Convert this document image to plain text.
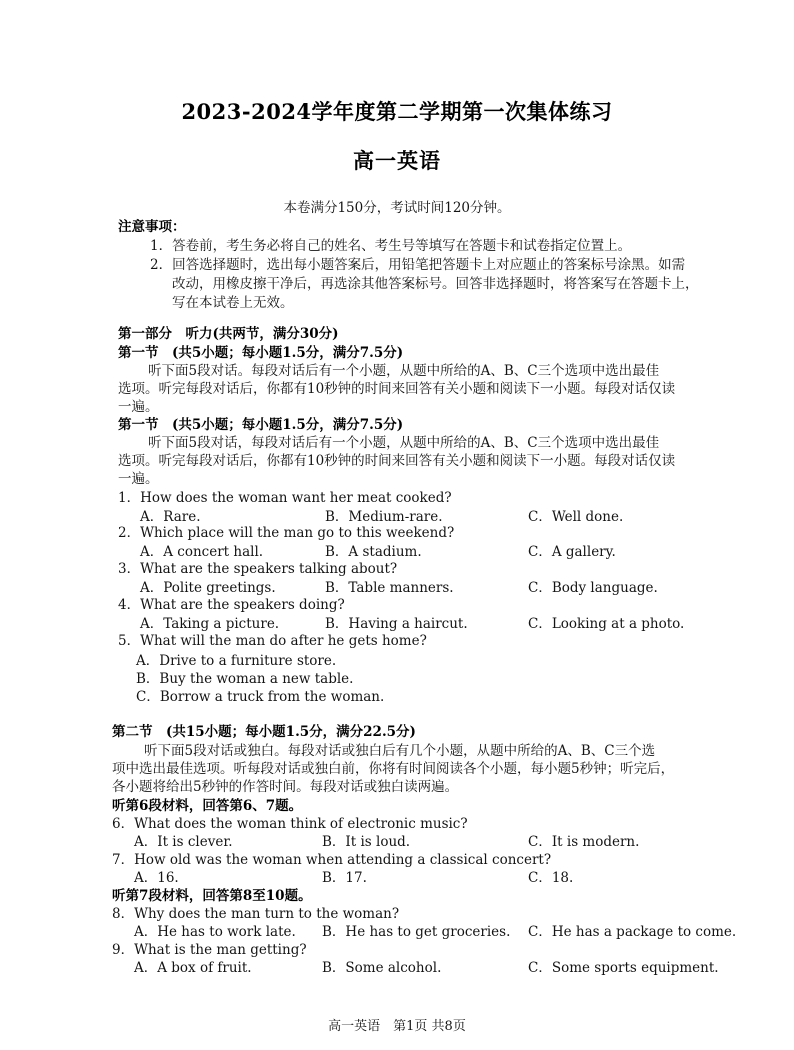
2023-2024学年度第二学期第一次集体练习
高一英语
本卷满分150分，考试时间120分钟。
注意事项：
1．答卷前，考生务必将自己的姓名、考生号等填写在答题卡和试卷指定位置上。
2．回答选择题时，选出每小题答案后，用铅笔把答题卡上对应题止的答案标号涂黑。如需
改动，用橡皮擦干净后，再选涂其他答案标号。回答非选择题时，将答案写在答题卡上，
写在本试卷上无效。
第一部分　听力(共两节，满分30分)
第一节　(共5小题；每小题1.5分，满分7.5分)
听下面5段对话。每段对话后有一个小题，从题中所给的A、B、C三个选项中选出最佳
选项。听完每段对话后，你都有10秒钟的时间来回答有关小题和阅读下一小题。每段对话仅读
一遍。
第一节　(共5小题；每小题1.5分，满分7.5分)
听下面5段对话，每段对话后有一个小题，从题中所给的A、B、C三个选项中选出最佳
选项。听完每段对话后，你都有10秒钟的时间来回答有关小题和阅读下一小题。每段对话仅读
一遍。
1．How does the woman want her meat cooked?
A．Rare.	B．Medium-rare.	C．Well done.
2．Which place will the man go to this weekend?
A．A concert hall.	B．A stadium.	C．A gallery.
3．What are the speakers talking about?
A．Polite greetings.	B．Table manners.	C．Body language.
4．What are the speakers doing?
A．Taking a picture.	B．Having a haircut.	C．Looking at a photo.
5．What will the man do after he gets home?
A．Drive to a furniture store.
B．Buy the woman a new table.
C．Borrow a truck from the woman.
第二节　(共15小题；每小题1.5分，满分22.5分)
听下面5段对话或独白。每段对话或独白后有几个小题，从题中所给的A、B、C三个选
项中选出最佳选项。听每段对话或独白前，你将有时间阅读各个小题，每小题5秒钟；听完后，
各小题将给出5秒钟的作答时间。每段对话或独白读两遍。
听第6段材料，回答第6、7题。
6．What does the woman think of electronic music?
A．It is clever.	B．It is loud.	C．It is modern.
7．How old was the woman when attending a classical concert?
A．16.	B．17.	C．18.
听第7段材料，回答第8至10题。
8．Why does the man turn to the woman?
A．He has to work late. B．He has to get groceries. C．He has a package to come.
9．What is the man getting?
A．A box of fruit.	B．Some alcohol.	C．Some sports equipment.
高一英语　第1页 共8页
